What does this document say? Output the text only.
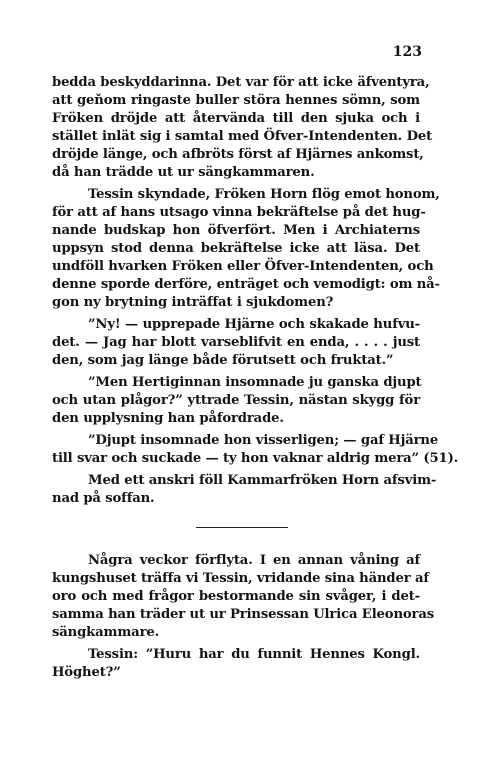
123
bedda beskyddarinna. Det var för att icke äfventyra,
att geňom ringaste buller störa hennes sömn, som
Fröken dröjde att återvända till den sjuka och i
stället inlät sig i samtal med Öfver-Intendenten. Det
dröjde länge, och afbröts först af Hjärnes ankomst,
då han trädde ut ur sängkammaren.
Tessin skyndade, Fröken Horn flög emot honom,
för att af hans utsago vinna bekräftelse på det hug-
nande budskap hon öfverfört. Men i Archiaterns
uppsyn stod denna bekräftelse icke att läsa. Det
undföll hvarken Fröken eller Öfver-Intendenten, och
denne sporde derföre, enträget och vemodigt: om nå-
gon ny brytning inträffat i sjukdomen?
”Ny! — upprepade Hjärne och skakade hufvu-
det. — Jag har blott varseblifvit en enda, . . . . just
den, som jag länge både förutsett och fruktat.”
”Men Hertiginnan insomnade ju ganska djupt
och utan plågor?” yttrade Tessin, nästan skygg för
den upplysning han påfordrade.
”Djupt insomnade hon visserligen; — gaf Hjärne
till svar och suckade — ty hon vaknar aldrig mera” (51).
Med ett anskri föll Kammarfröken Horn afsvim-
nad på soffan.
Några veckor förflyta. I en annan våning af
kungshuset träffa vi Tessin, vridande sina händer af
oro och med frågor bestormande sin svåger, i det-
samma han träder ut ur Prinsessan Ulrica Eleonoras
sängkammare.
Tessin: ”Huru har du funnit Hennes Kongl.
Höghet?”
